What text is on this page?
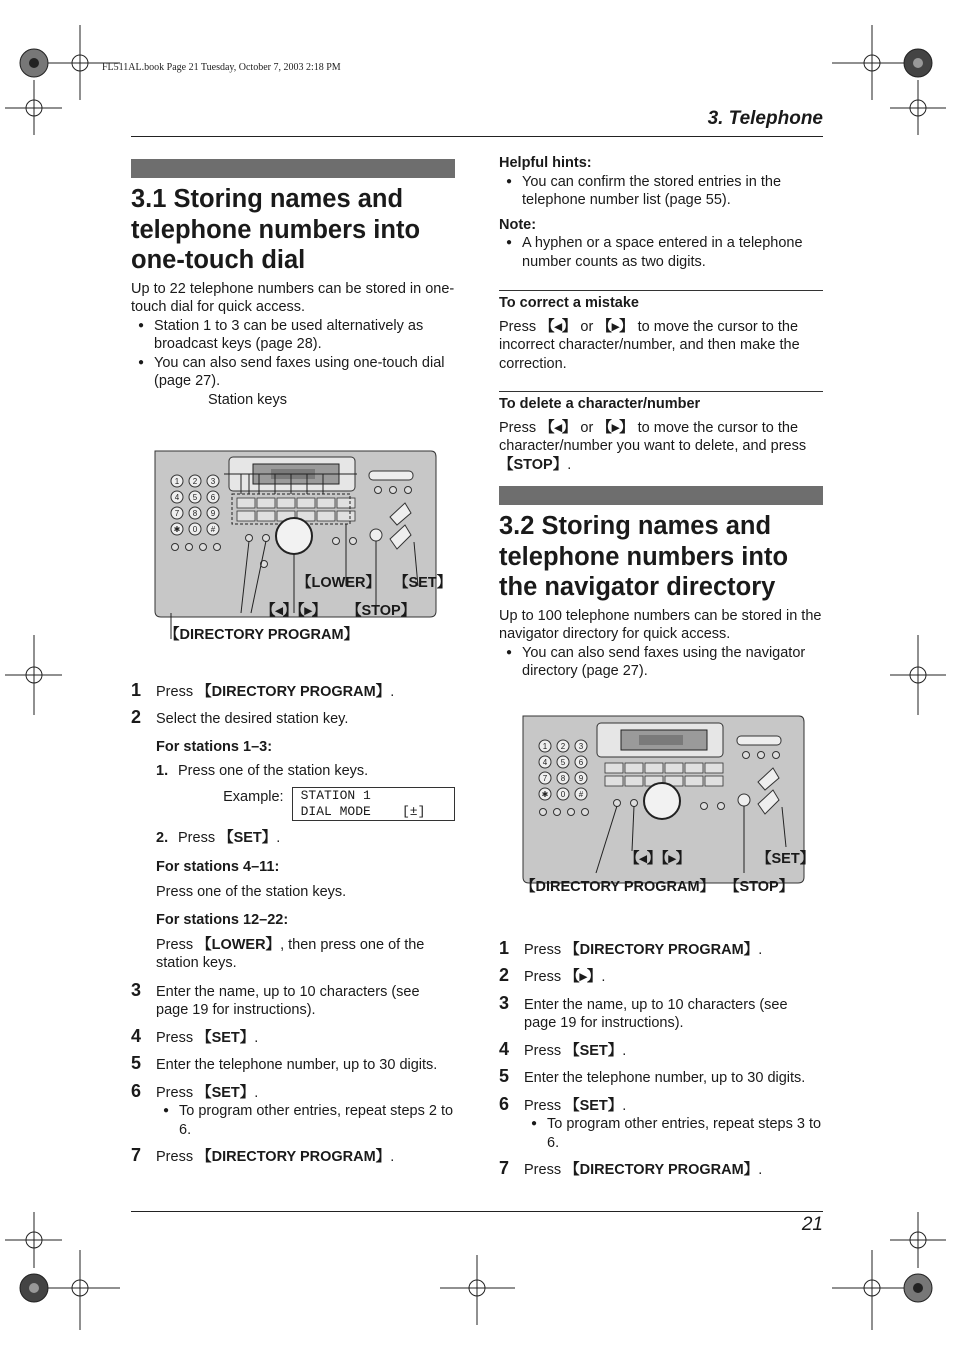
FL511AL.book Page 21 Tuesday, October 7, 2003 2:18 PM
3. Telephone
21
3.1 Storing names and telephone numbers into one-touch dial

Up to 22 telephone numbers can be stored in one-touch dial for quick access.

● Station 1 to 3 can be used alternatively as broadcast keys (page 28).
● You can also send faxes using one-touch dial (page 27).
1 2 3
4 5 6
7 8 9
✱ 0 #
Station keys
【LOWER】 【SET】
【◂】【▸】 【STOP】
【DIRECTORY PROGRAM】
1 Press 【DIRECTORY PROGRAM】.
2 Select the desired station key.
For stations 1–3:
1. Press one of the station keys.
Example:	STATION 1
DIAL MODE    [±]
2. Press 【SET】.
For stations 4–11:

Press one of the station keys.

For stations 12–22:

Press 【LOWER】, then press one of the station keys.

3 Enter the name, up to 10 characters (see page 19 for instructions).
4 Press 【SET】.
5 Enter the telephone number, up to 30 digits.
6 Press 【SET】.
● To program other entries, repeat steps 2 to 6.
7 Press 【DIRECTORY PROGRAM】.
Helpful hints:
● You can confirm the stored entries in the telephone number list (page 55).
Note:
● A hyphen or a space entered in a telephone number counts as two digits.
To correct a mistake

Press 【◂】 or 【▸】 to move the cursor to the incorrect character/number, and then make the correction.

To delete a character/number

Press 【◂】 or 【▸】 to move the cursor to the character/number you want to delete, and press 【STOP】.

3.2 Storing names and telephone numbers into the navigator directory

Up to 100 telephone numbers can be stored in the navigator directory for quick access.

● You can also send faxes using the navigator directory (page 27).
1 2 3
4 5 6
7 8 9
✱ 0 #
【◂】【▸】	【SET】
【DIRECTORY PROGRAM】 【STOP】
1 Press 【DIRECTORY PROGRAM】.
2 Press 【▸】.
3 Enter the name, up to 10 characters (see page 19 for instructions).
4 Press 【SET】.
5 Enter the telephone number, up to 30 digits.
6 Press 【SET】.
● To program other entries, repeat steps 3 to 6.
7 Press 【DIRECTORY PROGRAM】.
